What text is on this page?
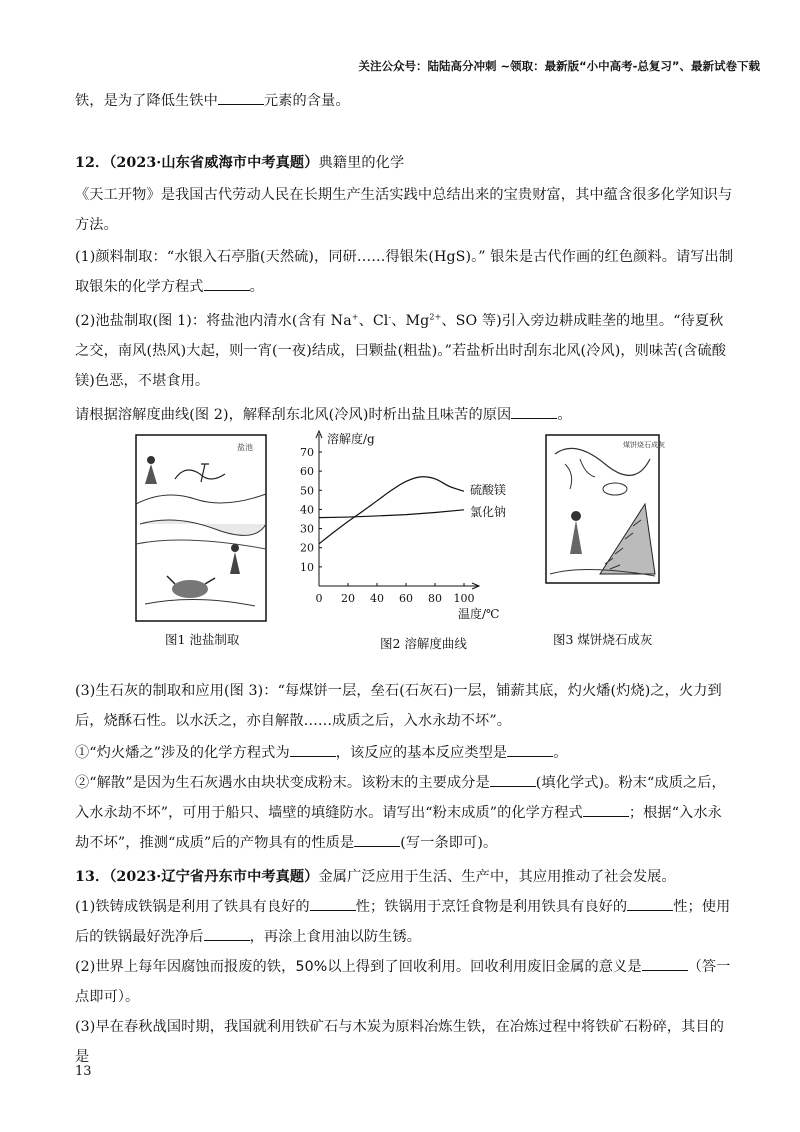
关注公众号：陆陆高分冲刺 ~领取：最新版“小中高考-总复习”、最新试卷下载
铁，是为了降低生铁中	元素的含量。
12．（2023·山东省威海市中考真题）典籍里的化学
《天工开物》是我国古代劳动人民在长期生产生活实践中总结出来的宝贵财富，其中蕴含很多化学知识与方法。
(1)颜料制取：“水银入石亭脂(天然硫)，同研……得银朱(HgS)。” 银朱是古代作画的红色颜料。请写出制取银朱的化学方程式	。
(2)池盐制取(图 1)：将盐池内清水(含有 Na+、Cl-、$Mg^{2+}$、SO 等)引入旁边耕成畦垄的地里。“待夏秋之交，南风(热风)大起，则一宵(一夜)结成，曰颗盐(粗盐)。”若盐析出时刮东北风(冷风)，则味苦(含硫酸镁)色恶，不堪食用。
请根据溶解度曲线(图 2)，解释刮东北风(冷风)时析出盐且味苦的原因	。
盐池
图1 池盐制取
0 20 40 60 80 100
10
20
30
40
50
60
70
溶解度/g
温度/℃
硫酸镁
氯化钠
图2 溶解度曲线
煤饼烧石成灰
图3 煤饼烧石成灰
(3)生石灰的制取和应用(图 3)：“每煤饼一层，垒石(石灰石)一层，铺薪其底，灼火燔(灼烧)之，火力到后，烧酥石性。以水沃之，亦自解散……成质之后，入水永劫不坏”。
①“灼火燔之”涉及的化学方程式为	，该反应的基本反应类型是	。
②“解散”是因为生石灰遇水由块状变成粉末。该粉末的主要成分是	(填化学式)。粉末“成质之后，入水永劫不坏”，可用于船只、墙壁的填缝防水。请写出“粉末成质”的化学方程式	；根据“入水永劫不坏”，推测“成质”后的产物具有的性质是	(写一条即可)。
13．（2023·辽宁省丹东市中考真题）金属广泛应用于生活、生产中，其应用推动了社会发展。
(1)铁铸成铁锅是利用了铁具有良好的	性；铁锅用于烹饪食物是利用铁具有良好的	性；使用后的铁锅最好洗净后	，再涂上食用油以防生锈。
(2)世界上每年因腐蚀而报废的铁，50%以上得到了回收利用。回收利用废旧金属的意义是	（答一点即可）。
(3)早在春秋战国时期，我国就利用铁矿石与木炭为原料冶炼生铁，在冶炼过程中将铁矿石粉碎，其目的是
13
